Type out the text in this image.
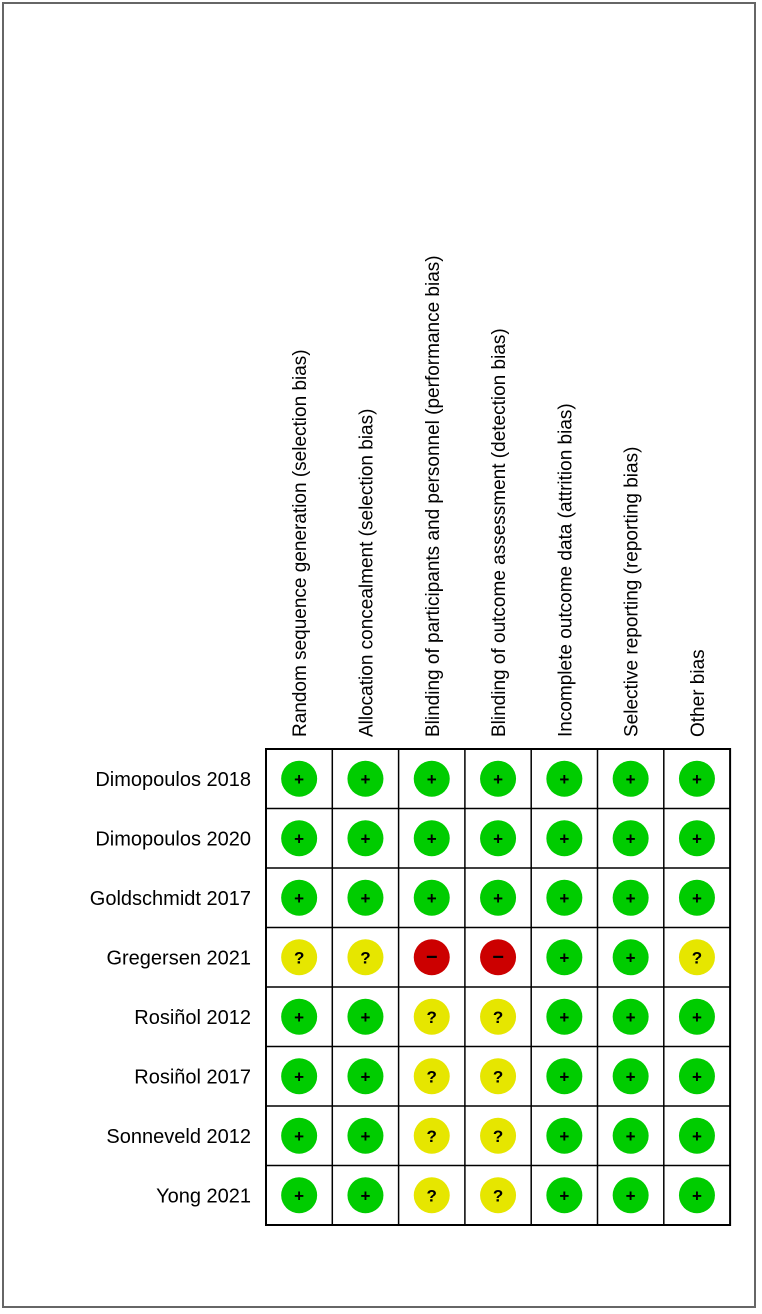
Random sequence generation (selection bias) Allocation concealment (selection bias) Blinding of participants and personnel (performance bias) Blinding of outcome assessment (detection bias) Incomplete outcome data (attrition bias) Selective reporting (reporting bias) Other bias
Dimopoulos 2018	+	+	+	+	+	+	+
Dimopoulos 2020	+	+	+	+	+	+	+
Goldschmidt 2017	+	+	+	+	+	+	+
Gregersen 2021	?	?	−	−	+	+	?
Rosiñol 2012	+	+	?	?	+	+	+
Rosiñol 2017	+	+	?	?	+	+	+
Sonneveld 2012	+	+	?	?	+	+	+
Yong 2021	+	+	?	?	+	+	+
